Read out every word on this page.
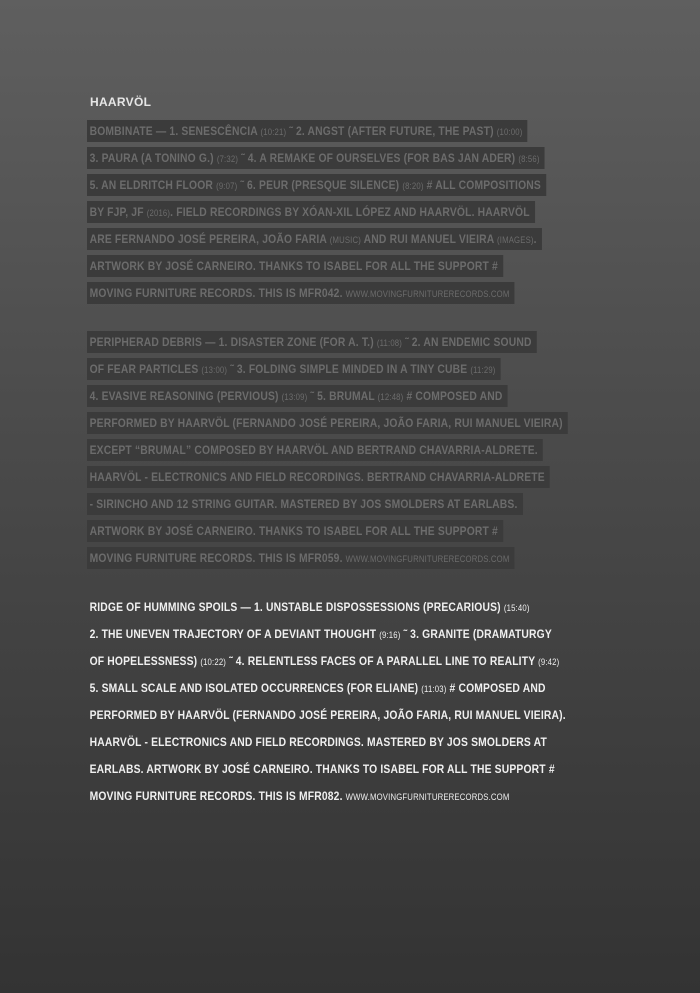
HAARVÖL
BOMBINATE — 1. SENESCÊNCIA (10:21) ˜ 2. ANGST (AFTER FUTURE, THE PAST) (10:00)
3. PAURA (A TONINO G.) (7:32) ˜ 4. A REMAKE OF OURSELVES (FOR BAS JAN ADER) (8:56)
5. AN ELDRITCH FLOOR (9:07) ˜ 6. PEUR (PRESQUE SILENCE) (8:20) # ALL COMPOSITIONS
BY FJP, JF (2016). FIELD RECORDINGS BY XÓAN-XIL LÓPEZ AND HAARVÖL. HAARVÖL
ARE FERNANDO JOSÉ PEREIRA, JOÃO FARIA (MUSIC) AND RUI MANUEL VIEIRA (IMAGES).
ARTWORK BY JOSÉ CARNEIRO. THANKS TO ISABEL FOR ALL THE SUPPORT #
MOVING FURNITURE RECORDS. THIS IS MFR042. WWW.MOVINGFURNITURERECORDS.COM
PERIPHERAD DEBRIS — 1. DISASTER ZONE (FOR A. T.) (11:08) ˜ 2. AN ENDEMIC SOUND
OF FEAR PARTICLES (13:00) ˜ 3. FOLDING SIMPLE MINDED IN A TINY CUBE (11:29)
4. EVASIVE REASONING (PERVIOUS) (13:09) ˜ 5. BRUMAL (12:48) # COMPOSED AND
PERFORMED BY HAARVÖL (FERNANDO JOSÉ PEREIRA, JOÃO FARIA, RUI MANUEL VIEIRA)
EXCEPT “BRUMAL” COMPOSED BY HAARVÖL AND BERTRAND CHAVARRIA-ALDRETE.
HAARVÖL - ELECTRONICS AND FIELD RECORDINGS. BERTRAND CHAVARRIA-ALDRETE
- SIRINCHO AND 12 STRING GUITAR. MASTERED BY JOS SMOLDERS AT EARLABS.
ARTWORK BY JOSÉ CARNEIRO. THANKS TO ISABEL FOR ALL THE SUPPORT #
MOVING FURNITURE RECORDS. THIS IS MFR059. WWW.MOVINGFURNITURERECORDS.COM
RIDGE OF HUMMING SPOILS — 1. UNSTABLE DISPOSSESSIONS (PRECARIOUS) (15:40)
2. THE UNEVEN TRAJECTORY OF A DEVIANT THOUGHT (9:16) ˜ 3. GRANITE (DRAMATURGY
OF HOPELESSNESS) (10:22) ˜ 4. RELENTLESS FACES OF A PARALLEL LINE TO REALITY (9:42)
5. SMALL SCALE AND ISOLATED OCCURRENCES (FOR ELIANE) (11:03) # COMPOSED AND
PERFORMED BY HAARVÖL (FERNANDO JOSÉ PEREIRA, JOÃO FARIA, RUI MANUEL VIEIRA).
HAARVÖL - ELECTRONICS AND FIELD RECORDINGS. MASTERED BY JOS SMOLDERS AT
EARLABS. ARTWORK BY JOSÉ CARNEIRO. THANKS TO ISABEL FOR ALL THE SUPPORT #
MOVING FURNITURE RECORDS. THIS IS MFR082. WWW.MOVINGFURNITURERECORDS.COM
